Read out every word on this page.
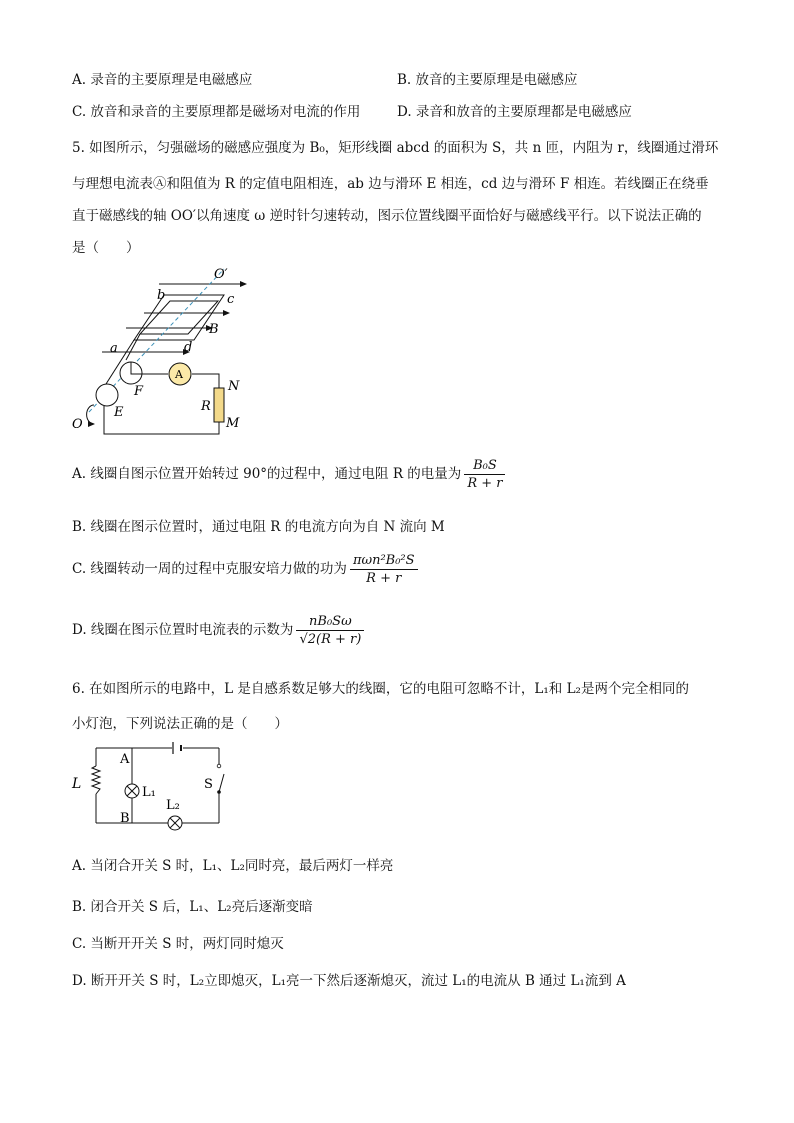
A. 录音的主要原理是电磁感应	B. 放音的主要原理是电磁感应
C. 放音和录音的主要原理都是磁场对电流的作用	D. 录音和放音的主要原理都是电磁感应
5. 如图所示，匀强磁场的磁感应强度为 B₀，矩形线圈 abcd 的面积为 S，共 n 匝，内阻为 r，线圈通过滑环
与理想电流表Ⓐ和阻值为 R 的定值电阻相连，ab 边与滑环 E 相连，cd 边与滑环 F 相连。若线圈正在绕垂
直于磁感线的轴 OO′以角速度 ω 逆时针匀速转动，图示位置线圈平面恰好与磁感线平行。以下说法正确的
是（　　）
O′
b	c
B
a	d
A
F	N
R
E
O	M
A. 线圈自图示位置开始转过 90°的过程中，通过电阻 R 的电量为 $\frac{\text{B₀S}}{R + r}$
B. 线圈在图示位置时，通过电阻 R 的电流方向为自 N 流向 M
C. 线圈转动一周的过程中克服安培力做的功为 $\frac{\text{πωn²B₀²S}}{R + r}$
D. 线圈在图示位置时电流表的示数为 $\frac{\text{nB₀Sω}}{√2(R + r)}$
6. 在如图所示的电路中，L 是自感系数足够大的线圈，它的电阻可忽略不计，L₁和 L₂是两个完全相同的
小灯泡，下列说法正确的是（　　）
L
A
L₁
L₂
S
B
A. 当闭合开关 S 时，L₁、L₂同时亮，最后两灯一样亮
B. 闭合开关 S 后，L₁、L₂亮后逐渐变暗
C. 当断开开关 S 时，两灯同时熄灭
D. 断开开关 S 时，L₂立即熄灭，L₁亮一下然后逐渐熄灭，流过 L₁的电流从 B 通过 L₁流到 A
